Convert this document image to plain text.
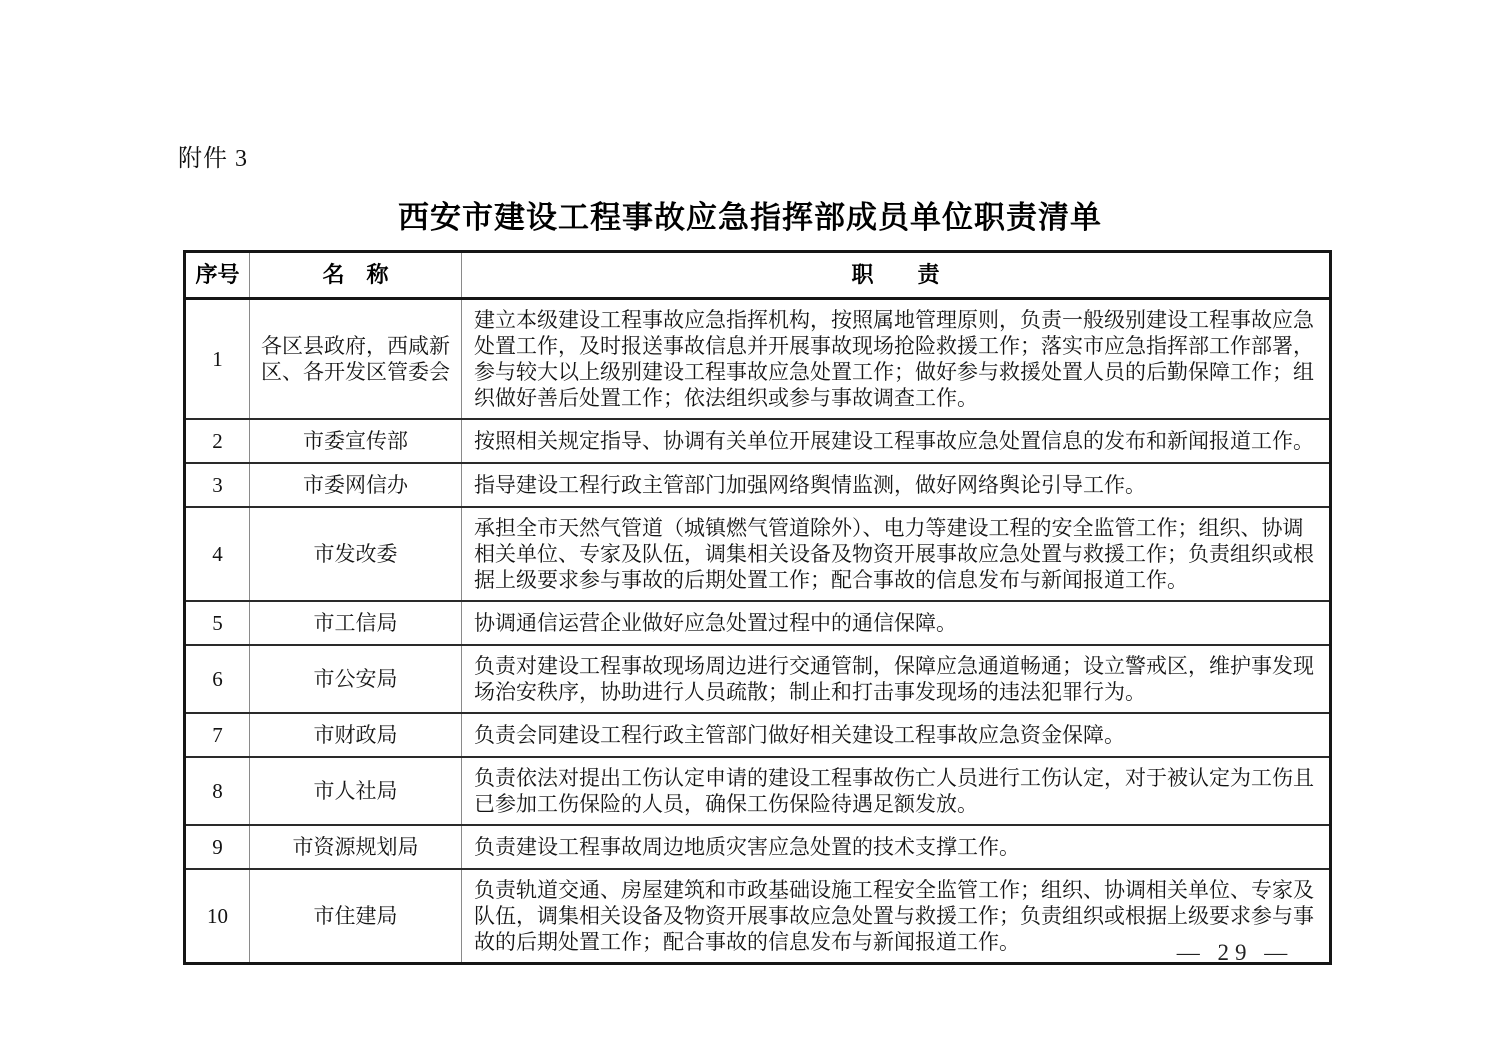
附件 3
西安市建设工程事故应急指挥部成员单位职责清单
序号	名　称	职　　责
1	各区县政府，西咸新区、各开发区管委会	建立本级建设工程事故应急指挥机构，按照属地管理原则，负责一般级别建设工程事故应急处置工作，及时报送事故信息并开展事故现场抢险救援工作；落实市应急指挥部工作部署，参与较大以上级别建设工程事故应急处置工作；做好参与救援处置人员的后勤保障工作；组织做好善后处置工作；依法组织或参与事故调查工作。
2	市委宣传部	按照相关规定指导、协调有关单位开展建设工程事故应急处置信息的发布和新闻报道工作。
3	市委网信办	指导建设工程行政主管部门加强网络舆情监测，做好网络舆论引导工作。
4	市发改委	承担全市天然气管道（城镇燃气管道除外）、电力等建设工程的安全监管工作；组织、协调相关单位、专家及队伍，调集相关设备及物资开展事故应急处置与救援工作；负责组织或根据上级要求参与事故的后期处置工作；配合事故的信息发布与新闻报道工作。
5	市工信局	协调通信运营企业做好应急处置过程中的通信保障。
6	市公安局	负责对建设工程事故现场周边进行交通管制，保障应急通道畅通；设立警戒区，维护事发现场治安秩序，协助进行人员疏散；制止和打击事发现场的违法犯罪行为。
7	市财政局	负责会同建设工程行政主管部门做好相关建设工程事故应急资金保障。
8	市人社局	负责依法对提出工伤认定申请的建设工程事故伤亡人员进行工伤认定，对于被认定为工伤且已参加工伤保险的人员，确保工伤保险待遇足额发放。
9	市资源规划局	负责建设工程事故周边地质灾害应急处置的技术支撑工作。
10	市住建局	负责轨道交通、房屋建筑和市政基础设施工程安全监管工作；组织、协调相关单位、专家及队伍，调集相关设备及物资开展事故应急处置与救援工作；负责组织或根据上级要求参与事故的后期处置工作；配合事故的信息发布与新闻报道工作。	— 29 —
